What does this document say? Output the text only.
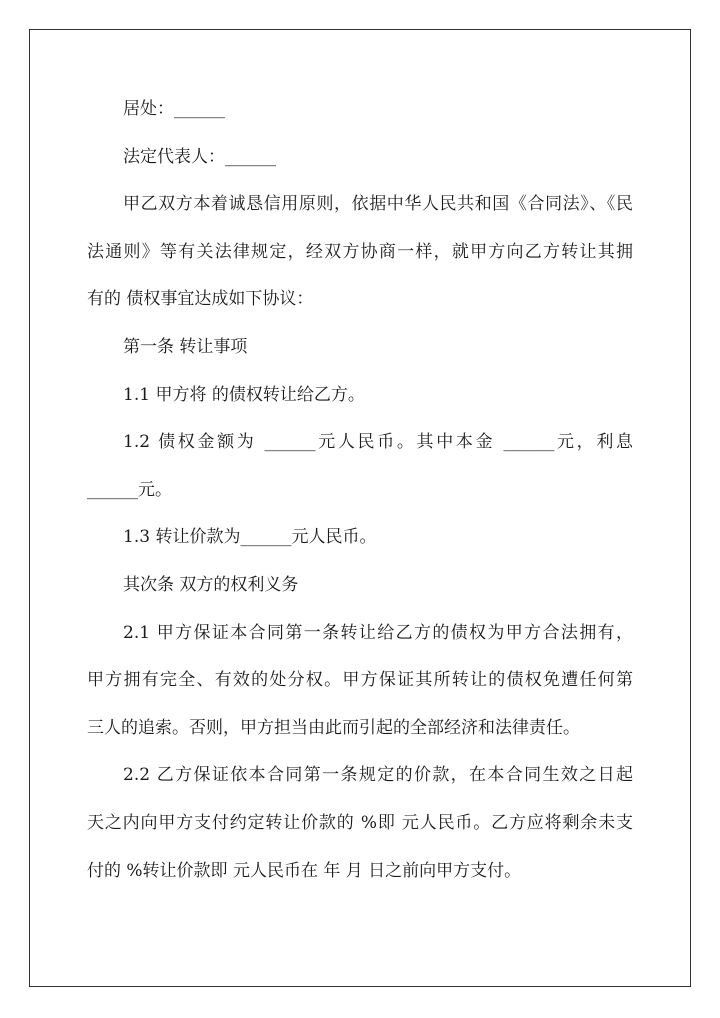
居处：______
法定代表人：______
甲乙双方本着诚恳信用原则，依据中华人民共和国《合同法》、《民
法通则》等有关法律规定，经双方协商一样，就甲方向乙方转让其拥
有的 债权事宜达成如下协议：
第一条 转让事项
1.1 甲方将 的债权转让给乙方。
1.2 债权金额为 ______元人民币。其中本金 ______元，利息
______元。
1.3 转让价款为______元人民币。
其次条 双方的权利义务
2.1 甲方保证本合同第一条转让给乙方的债权为甲方合法拥有，
甲方拥有完全、有效的处分权。甲方保证其所转让的债权免遭任何第
三人的追索。否则，甲方担当由此而引起的全部经济和法律责任。
2.2 乙方保证依本合同第一条规定的价款，在本合同生效之日起
天之内向甲方支付约定转让价款的 %即 元人民币。乙方应将剩余未支
付的 %转让价款即 元人民币在 年 月 日之前向甲方支付。
